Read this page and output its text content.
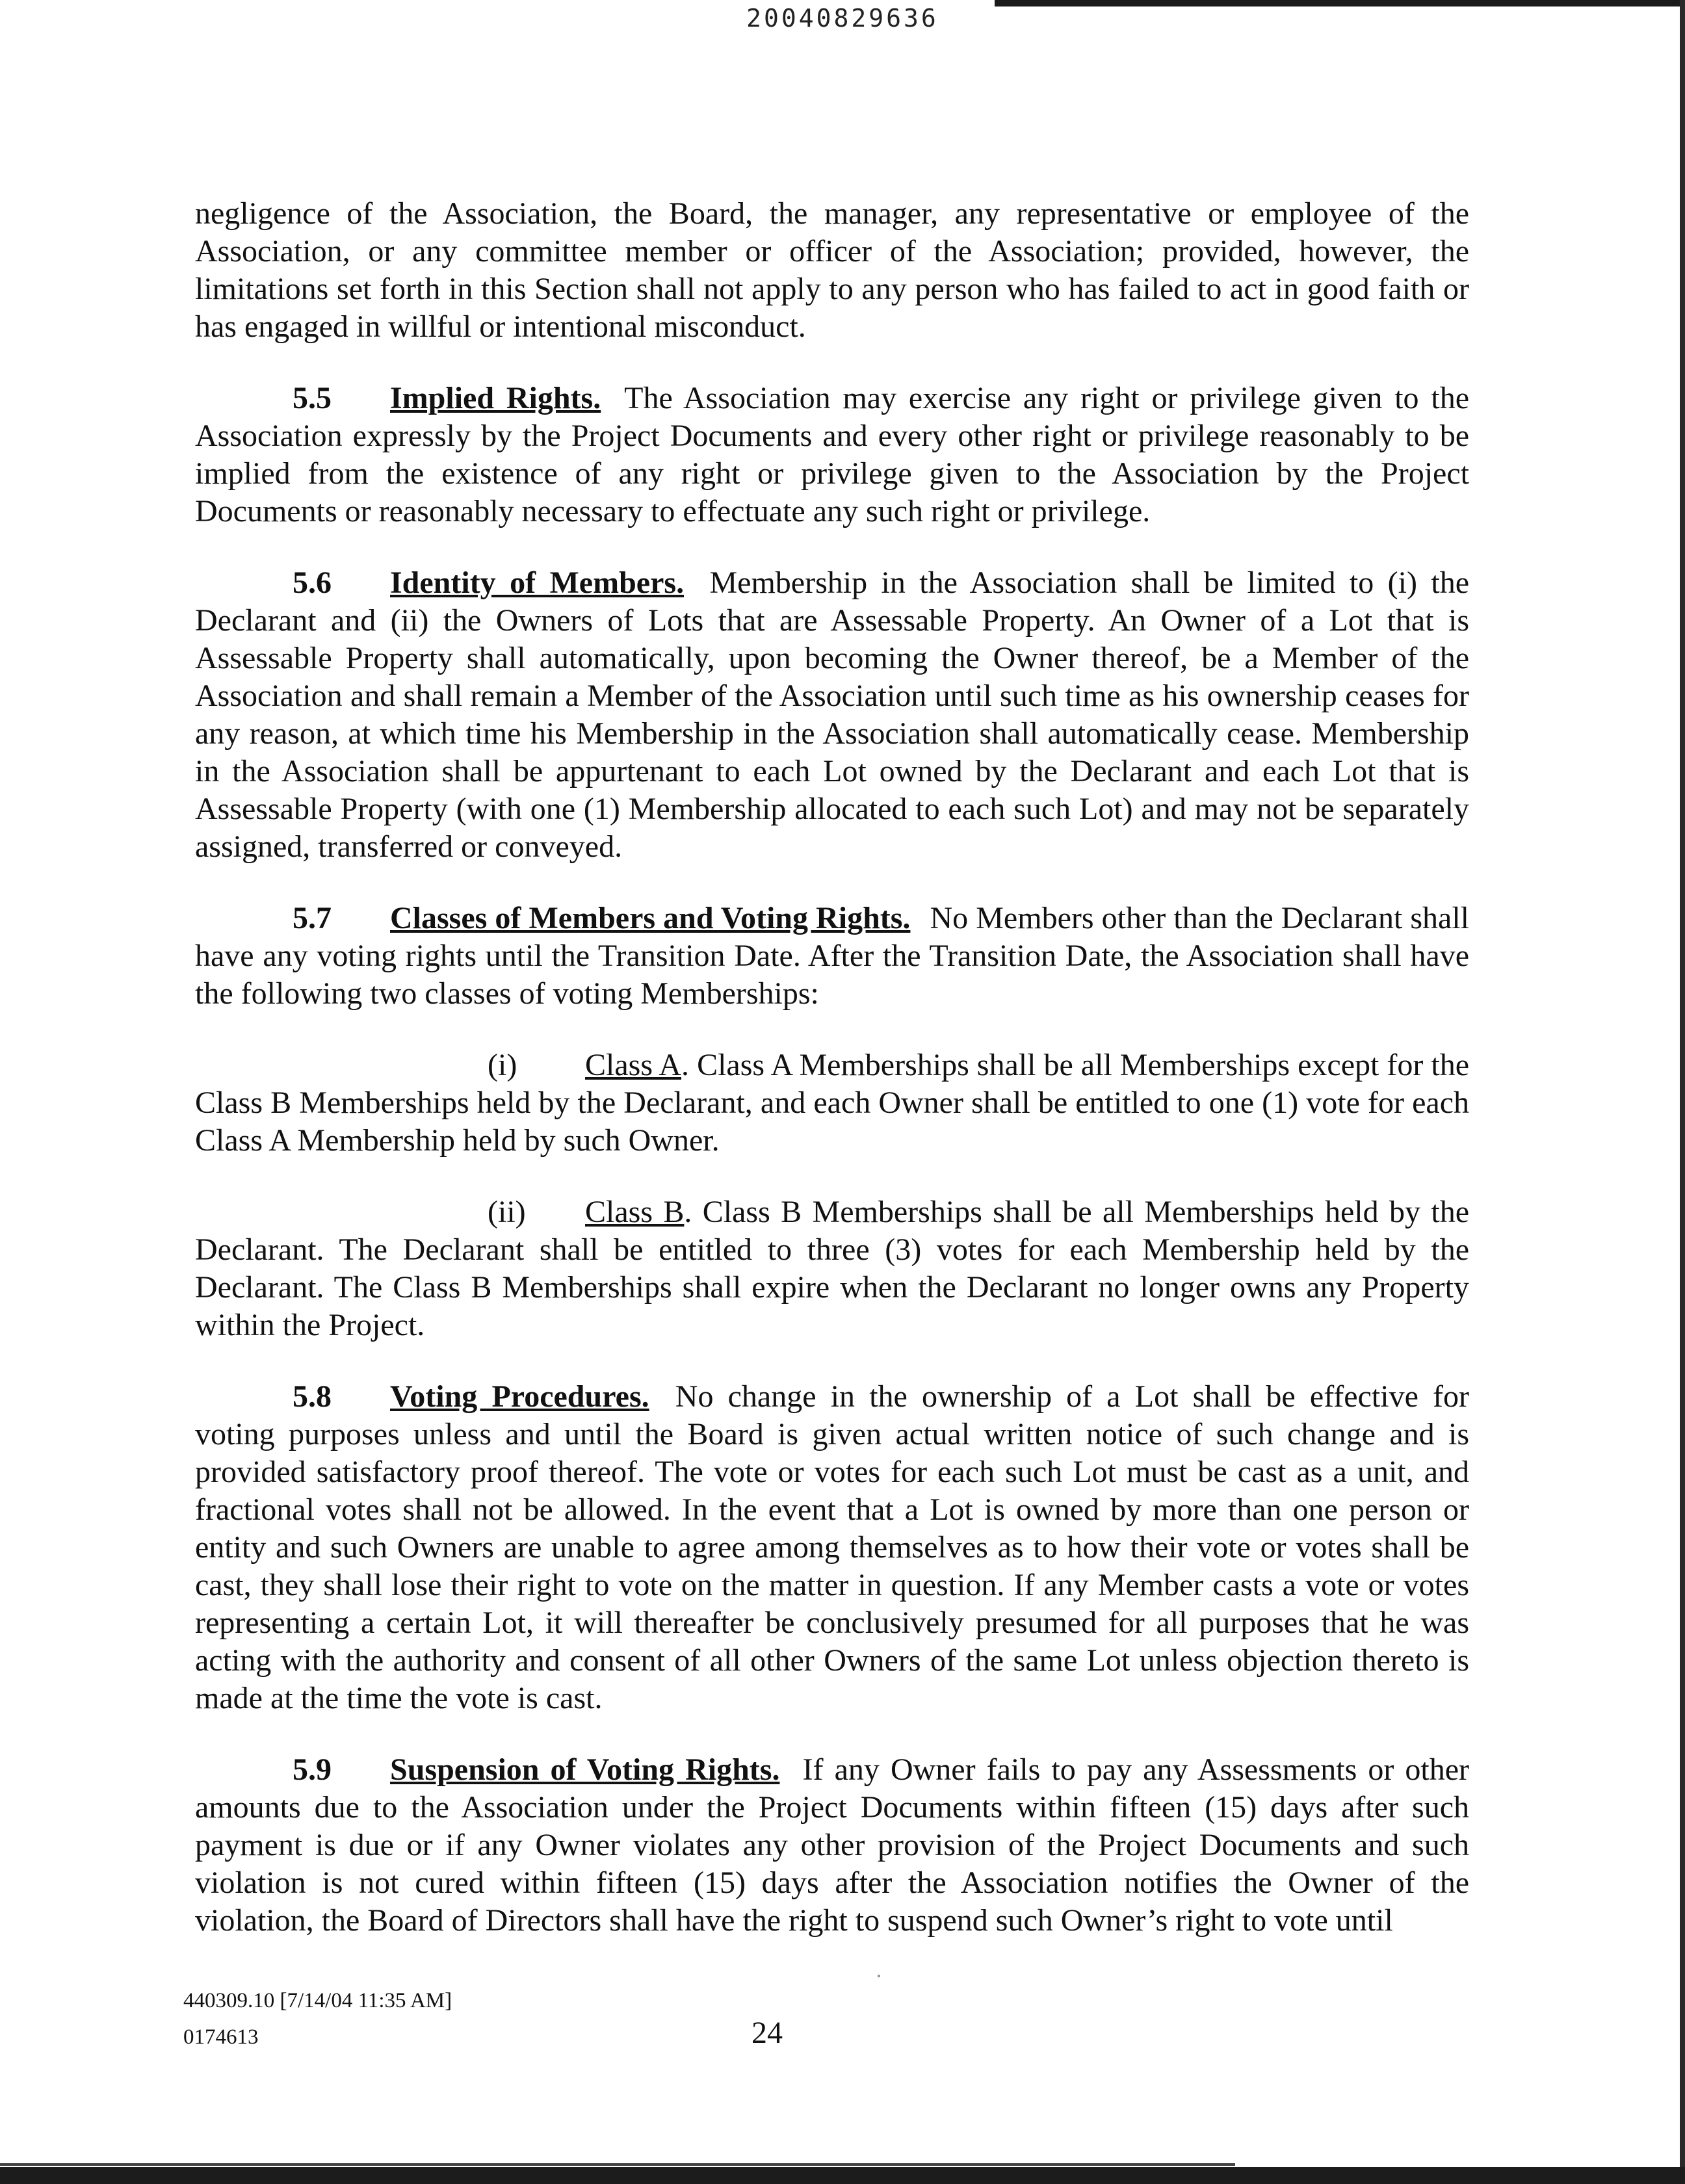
20040829636

negligence of the Association, the Board, the manager, any representative or employee of the Association, or any committee member or officer of the Association; provided, however, the limitations set forth in this Section shall not apply to any person who has failed to act in good faith or has engaged in willful or intentional misconduct.

5.5 Implied Rights. The Association may exercise any right or privilege given to the Association expressly by the Project Documents and every other right or privilege reasonably to be implied from the existence of any right or privilege given to the Association by the Project Documents or reasonably necessary to effectuate any such right or privilege.

5.6 Identity of Members. Membership in the Association shall be limited to (i) the Declarant and (ii) the Owners of Lots that are Assessable Property. An Owner of a Lot that is Assessable Property shall automatically, upon becoming the Owner thereof, be a Member of the Association and shall remain a Member of the Association until such time as his ownership ceases for any reason, at which time his Membership in the Association shall automatically cease. Membership in the Association shall be appurtenant to each Lot owned by the Declarant and each Lot that is Assessable Property (with one (1) Membership allocated to each such Lot) and may not be separately assigned, transferred or conveyed.

5.7 Classes of Members and Voting Rights. No Members other than the Declarant shall have any voting rights until the Transition Date. After the Transition Date, the Association shall have the following two classes of voting Memberships:

(i) Class A. Class A Memberships shall be all Memberships except for the Class B Memberships held by the Declarant, and each Owner shall be entitled to one (1) vote for each Class A Membership held by such Owner.

(ii) Class B. Class B Memberships shall be all Memberships held by the Declarant. The Declarant shall be entitled to three (3) votes for each Membership held by the Declarant. The Class B Memberships shall expire when the Declarant no longer owns any Property within the Project.

5.8 Voting Procedures. No change in the ownership of a Lot shall be effective for voting purposes unless and until the Board is given actual written notice of such change and is provided satisfactory proof thereof. The vote or votes for each such Lot must be cast as a unit, and fractional votes shall not be allowed. In the event that a Lot is owned by more than one person or entity and such Owners are unable to agree among themselves as to how their vote or votes shall be cast, they shall lose their right to vote on the matter in question. If any Member casts a vote or votes representing a certain Lot, it will thereafter be conclusively presumed for all purposes that he was acting with the authority and consent of all other Owners of the same Lot unless objection thereto is made at the time the vote is cast.

5.9 Suspension of Voting Rights. If any Owner fails to pay any Assessments or other amounts due to the Association under the Project Documents within fifteen (15) days after such payment is due or if any Owner violates any other provision of the Project Documents and such violation is not cured within fifteen (15) days after the Association notifies the Owner of the violation, the Board of Directors shall have the right to suspend such Owner’s right to vote until

440309.10 [7/14/04 11:35 AM]
0174613	24
